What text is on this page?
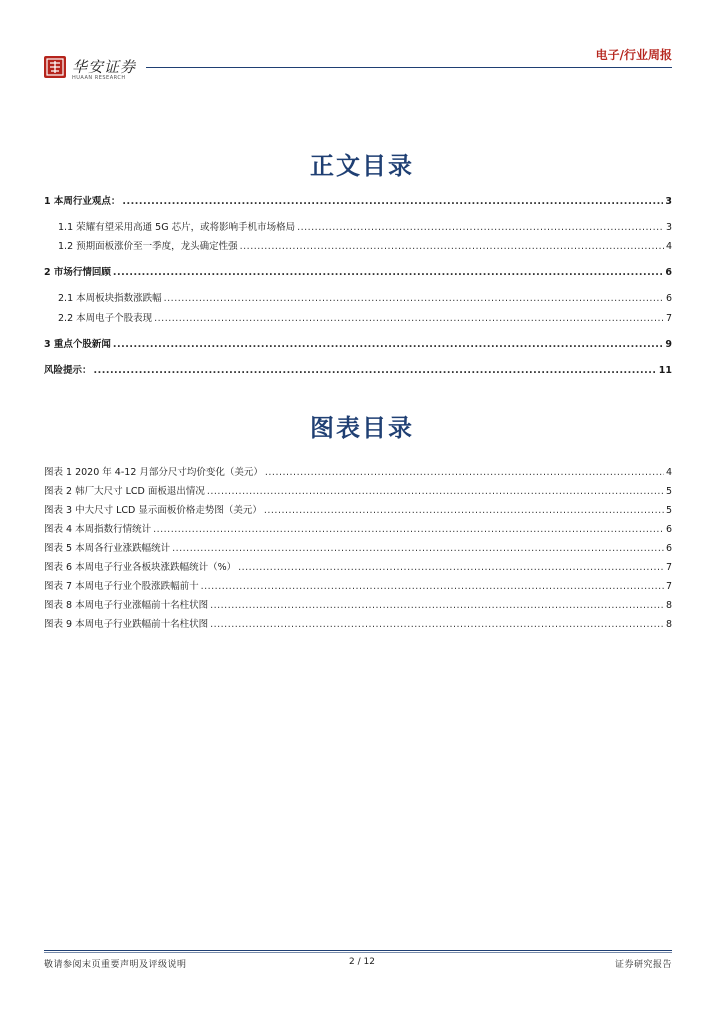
华安证券
HUAAN RESEARCH
电子/行业周报
正文目录
1 本周行业观点： .....	3
1.1 荣耀有望采用高通 5G 芯片，或将影响手机市场格局 .....	3
1.2 预期面板涨价至一季度，龙头确定性强 .....	4
2 市场行情回顾 .....	6
2.1 本周板块指数涨跌幅 .....	6
2.2 本周电子个股表现 .....	7
3 重点个股新闻 .....	9
风险提示： .....	11
图表目录
图表 1 2020 年 4-12 月部分尺寸均价变化（美元） .....	4
图表 2 韩厂大尺寸 LCD 面板退出情况 .....	5
图表 3 中大尺寸 LCD 显示面板价格走势图（美元） .....	5
图表 4 本周指数行情统计 .....	6
图表 5 本周各行业涨跌幅统计 .....	6
图表 6 本周电子行业各板块涨跌幅统计（%） .....	7
图表 7 本周电子行业个股涨跌幅前十 .....	7
图表 8 本周电子行业涨幅前十名柱状图 .....	8
图表 9 本周电子行业跌幅前十名柱状图 .....	8
敬请参阅末页重要声明及评级说明	2 / 12	证券研究报告
